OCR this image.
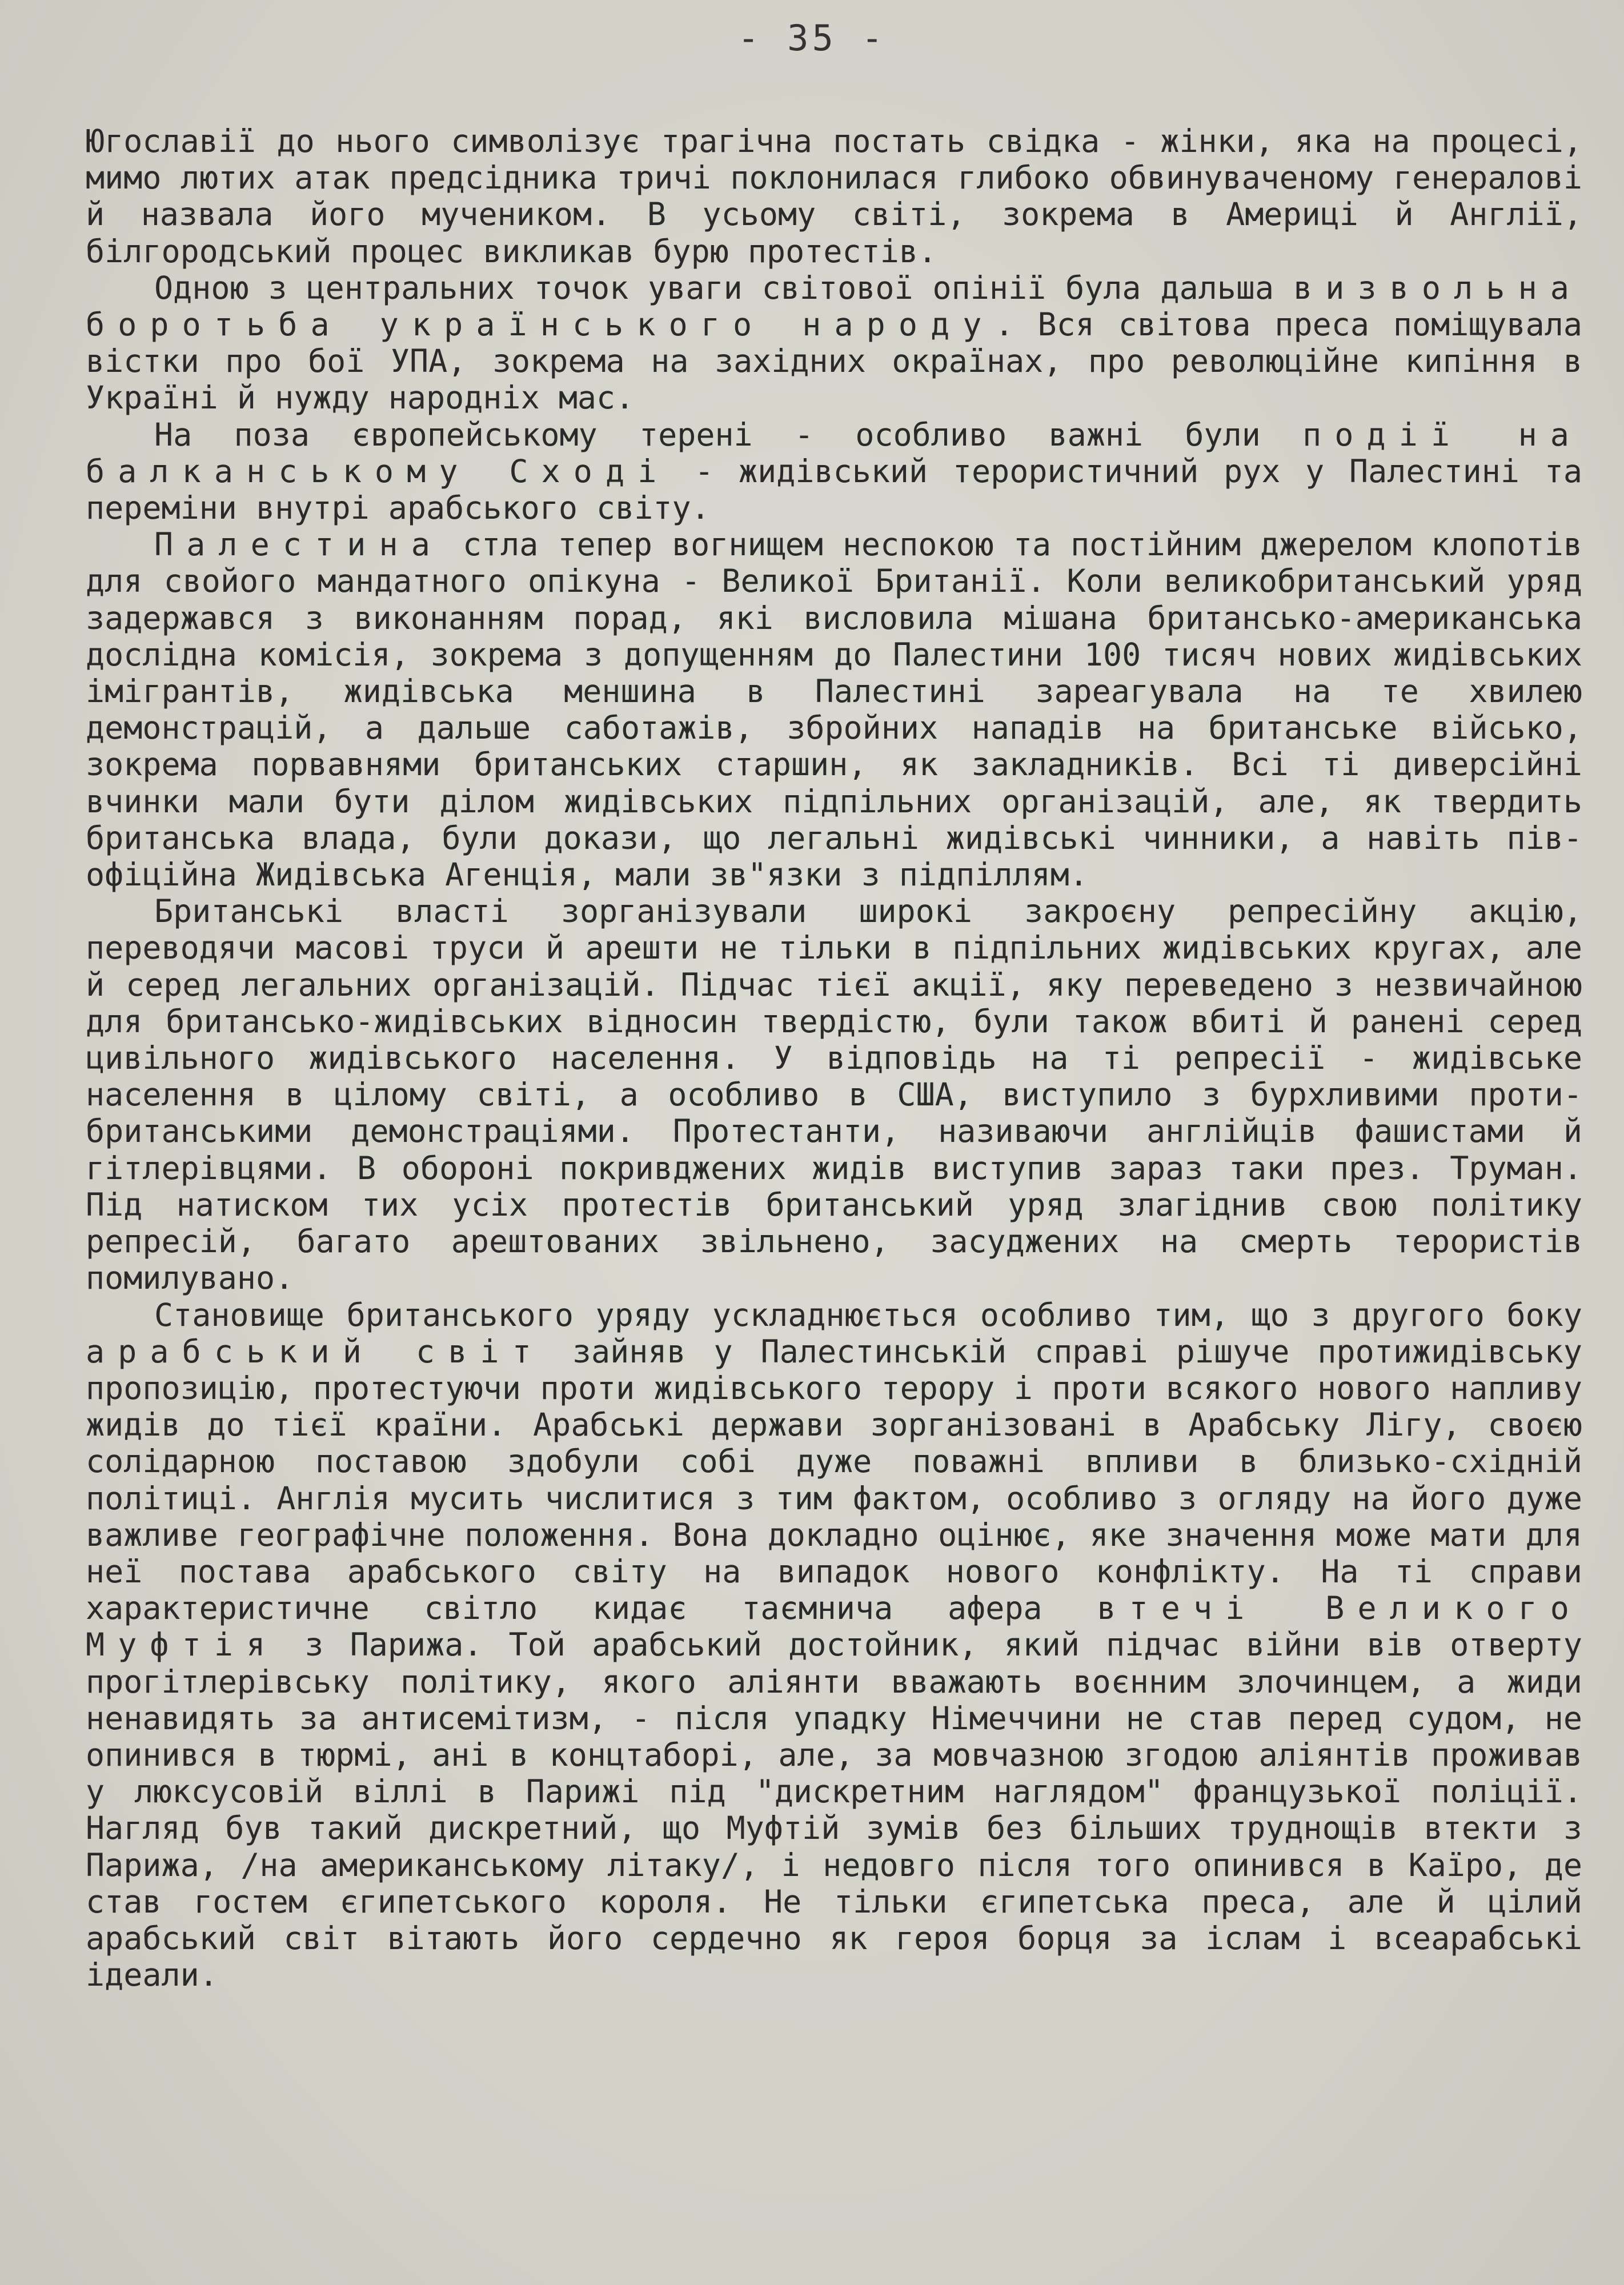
- 35 -

Югославії до нього символізує трагічна постать свідка - жінки, яка на процесі, мимо лютих атак предсідника тричі поклонилася глибоко обвинуваченому генералові й назвала його мучеником. В усьому світі, зокрема в Америці й Англії, білгородський процес викликав бурю протестів.

Одною з центральних точок уваги світової опінії була дальша визвольна боротьба українського народу. Вся світова преса поміщувала вістки про бої УПА, зокрема на західних окраїнах, про революційне кипіння в Україні й нужду народніх мас.

На поза європейському терені - особливо важні були події на балканському Сході - жидівський терористичний рух у Палестині та переміни внутрі арабського світу.

Палестина стла тепер вогнищем неспокою та постійним джерелом клопотів для свойого мандатного опікуна - Великої Британії. Коли великобританський уряд задержався з виконанням порад, які висловила мішана британсько-американська дослідна комісія, зокрема з допущенням до Палестини 100 тисяч нових жидівських імігрантів, жидівська меншина в Палестині зареагувала на те хвилею демонстрацій, а дальше саботажів, збройних нападів на британське військо, зокрема порвавнями британських старшин, як закладників. Всі ті диверсійні вчинки мали бути ділом жидівських підпільних організацій, але, як твердить британська влада, були докази, що легальні жидівські чинники, а навіть пів-офіційна Жидівська Агенція, мали зв"язки з підпіллям.

Британські власті зорганізували широкі закроєну репресійну акцію, переводячи масові труси й арешти не тільки в підпільних жидівських кругах, але й серед легальних організацій. Підчас тієї акції, яку переведено з незвичайною для британсько-жидівських відносин твердістю, були також вбиті й ранені серед цивільного жидівського населення. У відповідь на ті репресії - жидівське населення в цілому світі, а особливо в США, виступило з бурхливими проти-британськими демонстраціями. Протестанти, називаючи англійців фашистами й гітлерівцями. В обороні покривджених жидів виступив зараз таки през. Труман. Під натиском тих усіх протестів британський уряд злагіднив свою політику репресій, багато арештованих звільнено, засуджених на смерть терористів помилувано.

Становище британського уряду ускладнюється особливо тим, що з другого боку арабський світ зайняв у Палестинській справі рішуче протижидівську пропозицію, протестуючи проти жидівського терору і проти всякого нового напливу жидів до тієї країни. Арабські держави зорганізовані в Арабську Лігу, своєю солідарною поставою здобули собі дуже поважні впливи в близько-східній політиці. Англія мусить числитися з тим фактом, особливо з огляду на його дуже важливе географічне положення. Вона докладно оцінює, яке значення може мати для неї постава арабського світу на випадок нового конфлікту. На ті справи характеристичне світло кидає таємнича афера втечі Великого Муфтія з Парижа. Той арабський достойник, який підчас війни вів отверту прогітлерівську політику, якого аліянти вважають воєнним злочинцем, а жиди ненавидять за антисемітизм, - після упадку Німеччини не став перед судом, не опинився в тюрмі, ані в концтаборі, але, за мовчазною згодою аліянтів проживав у люксусовій віллі в Парижі під "дискретним наглядом" французької поліції. Нагляд був такий дискретний, що Муфтій зумів без більших труднощів втекти з Парижа, /на американському літаку/, і недовго після того опинився в Каїро, де став гостем єгипетського короля. Не тільки єгипетська преса, але й цілий арабський світ вітають його сердечно як героя борця за іслам і всеарабські ідеали.
